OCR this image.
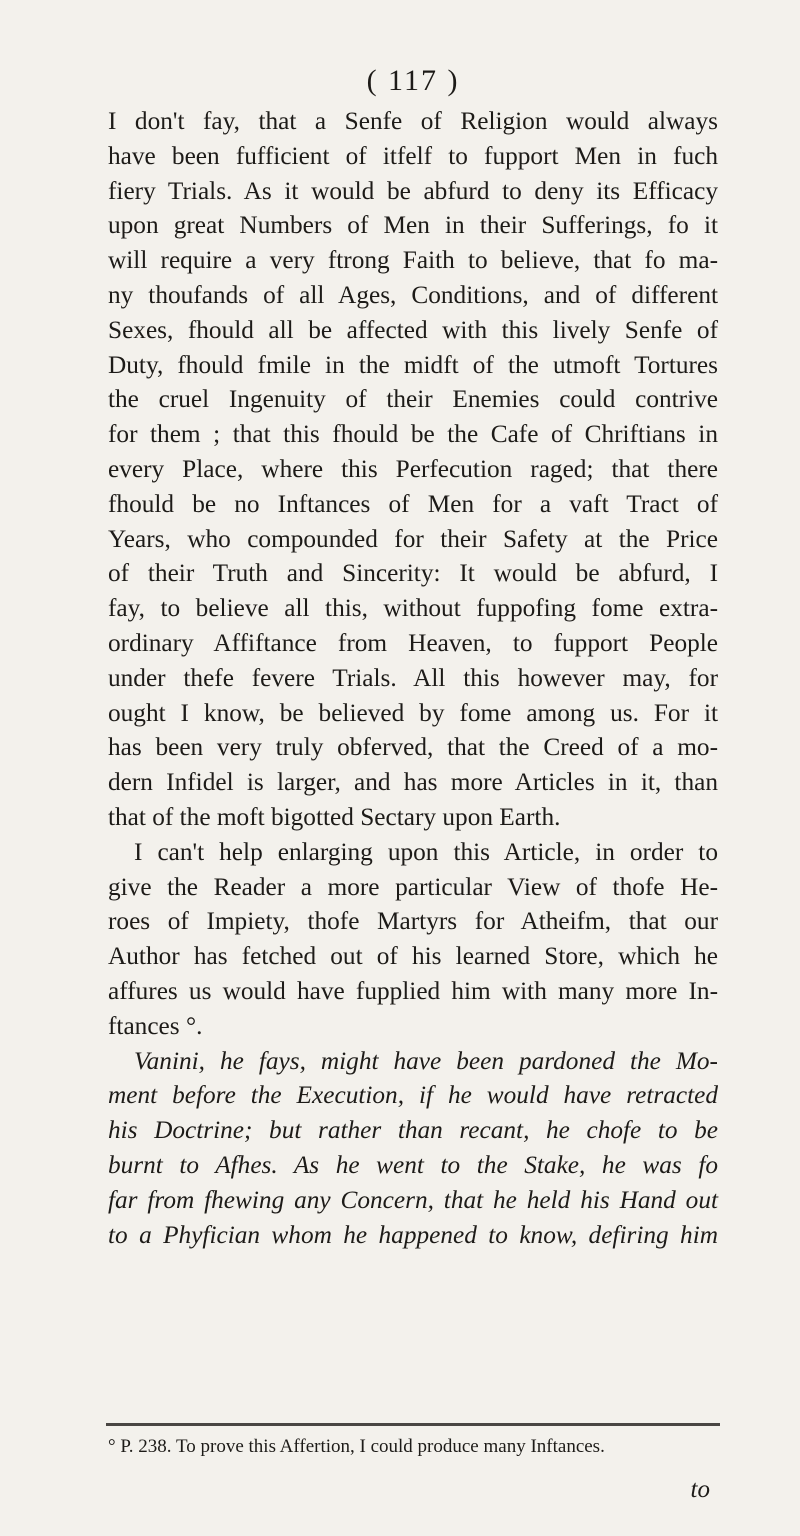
( 117 )
I don't fay, that a Senfe of Religion would always
have been fufficient of itfelf to fupport Men in fuch
fiery Trials. As it would be abfurd to deny its Efficacy
upon great Numbers of Men in their Sufferings, fo it
will require a very ftrong Faith to believe, that fo ma-
ny thoufands of all Ages, Conditions, and of different
Sexes, fhould all be affected with this lively Senfe of
Duty, fhould fmile in the midft of the utmoft Tortures
the cruel Ingenuity of their Enemies could contrive
for them ; that this fhould be the Cafe of Chriftians in
every Place, where this Perfecution raged; that there
fhould be no Inftances of Men for a vaft Tract of
Years, who compounded for their Safety at the Price
of their Truth and Sincerity: It would be abfurd, I
fay, to believe all this, without fuppofing fome extra-
ordinary Affiftance from Heaven, to fupport People
under thefe fevere Trials. All this however may, for
ought I know, be believed by fome among us. For it
has been very truly obferved, that the Creed of a mo-
dern Infidel is larger, and has more Articles in it, than
that of the moft bigotted Sectary upon Earth.
I can't help enlarging upon this Article, in order to
give the Reader a more particular View of thofe He-
roes of Impiety, thofe Martyrs for Atheifm, that our
Author has fetched out of his learned Store, which he
affures us would have fupplied him with many more In-
ftances °.
Vanini, he fays, might have been pardoned the Mo-
ment before the Execution, if he would have retracted
his Doctrine; but rather than recant, he chofe to be
burnt to Afhes. As he went to the Stake, he was fo
far from fhewing any Concern, that he held his Hand out
to a Phyfician whom he happened to know, defiring him
° P. 238. To prove this Affertion, I could produce many Inftances.
to
